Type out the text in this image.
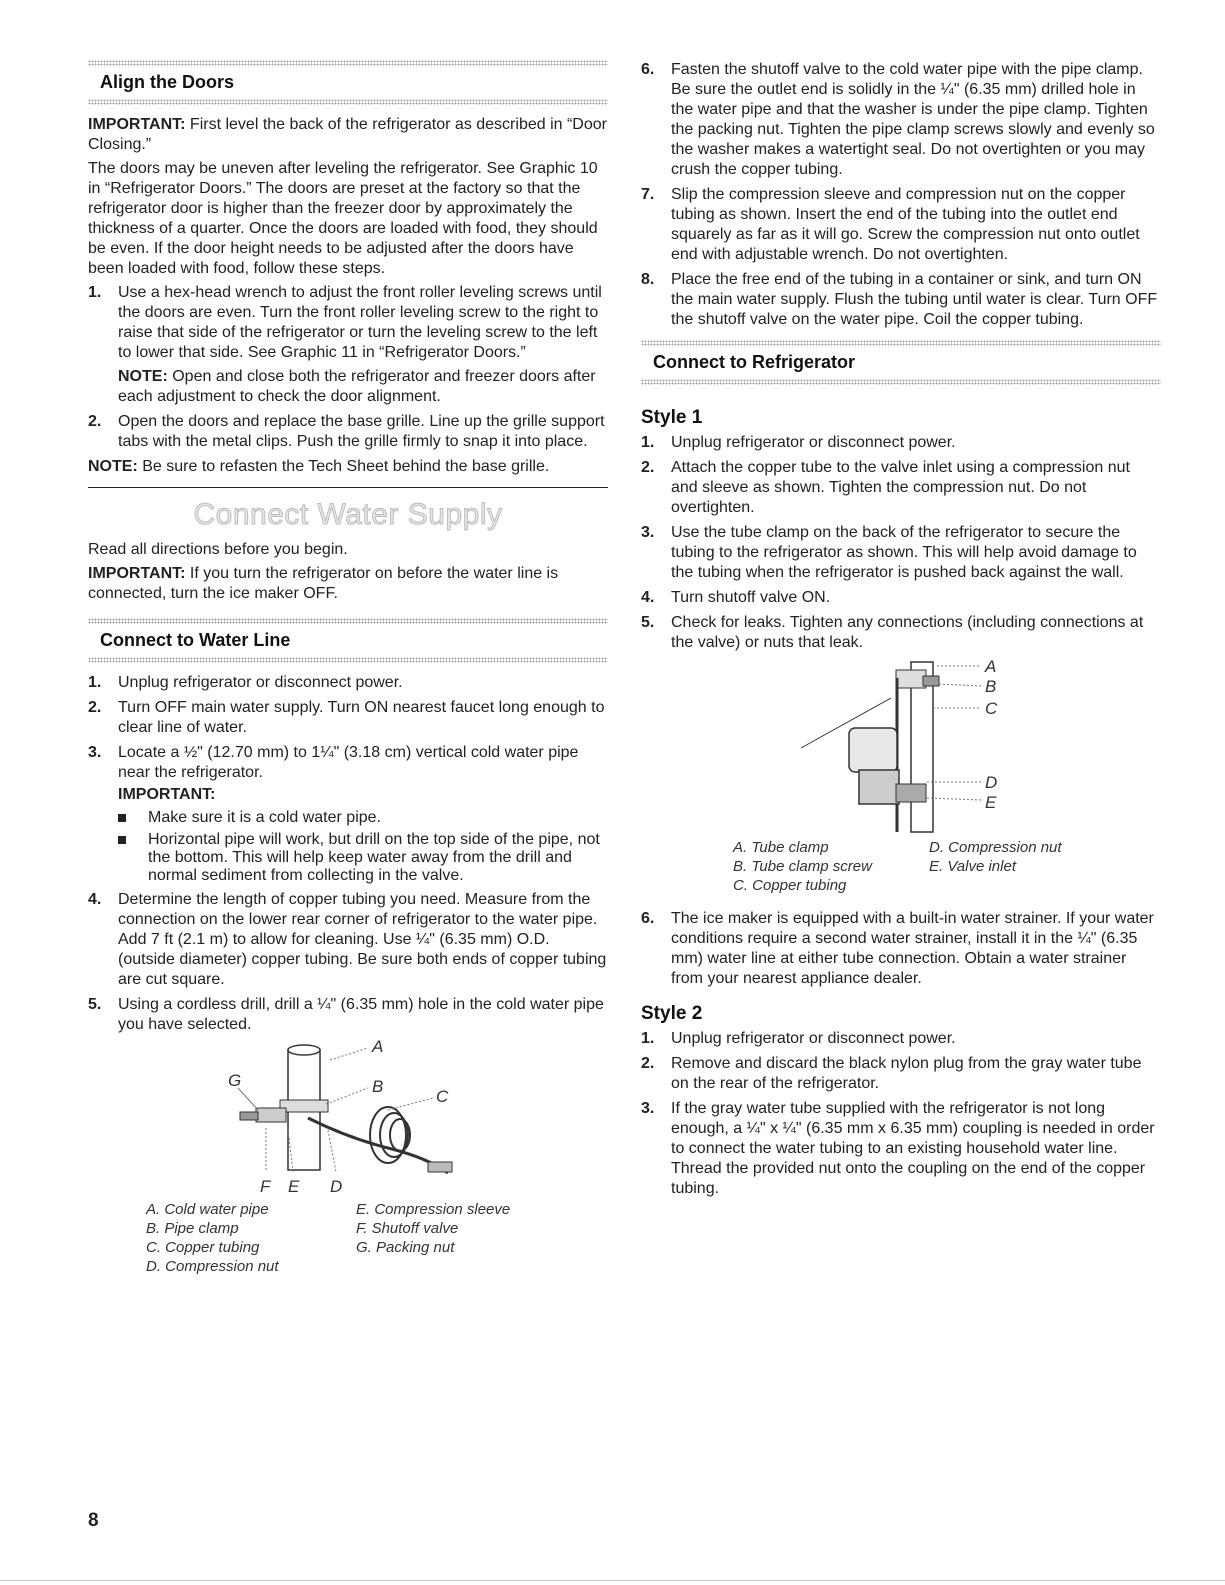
Align the Doors

IMPORTANT: First level the back of the refrigerator as described in “Door Closing.”

The doors may be uneven after leveling the refrigerator. See Graphic 10 in “Refrigerator Doors.” The doors are preset at the factory so that the refrigerator door is higher than the freezer door by approximately the thickness of a quarter. Once the doors are loaded with food, they should be even. If the door height needs to be adjusted after the doors have been loaded with food, follow these steps.

1. Use a hex-head wrench to adjust the front roller leveling screws until the doors are even. Turn the front roller leveling screw to the right to raise that side of the refrigerator or turn the leveling screw to the left to lower that side. See Graphic 11 in “Refrigerator Doors.”

NOTE: Open and close both the refrigerator and freezer doors after each adjustment to check the door alignment.

2. Open the doors and replace the base grille. Line up the grille support tabs with the metal clips. Push the grille firmly to snap it into place.

NOTE: Be sure to refasten the Tech Sheet behind the base grille.

Connect Water Supply

Read all directions before you begin.

IMPORTANT: If you turn the refrigerator on before the water line is connected, turn the ice maker OFF.

Connect to Water Line
1. Unplug refrigerator or disconnect power.
2. Turn OFF main water supply. Turn ON nearest faucet long enough to clear line of water.
3. Locate a ½" (12.70 mm) to 1¼" (3.18 cm) vertical cold water pipe near the refrigerator.
IMPORTANT:
Make sure it is a cold water pipe.
Horizontal pipe will work, but drill on the top side of the pipe, not the bottom. This will help keep water away from the drill and normal sediment from collecting in the valve.
4. Determine the length of copper tubing you need. Measure from the connection on the lower rear corner of refrigerator to the water pipe. Add 7 ft (2.1 m) to allow for cleaning. Use ¼" (6.35 mm) O.D. (outside diameter) copper tubing. Be sure both ends of copper tubing are cut square.
5. Using a cordless drill, drill a ¼" (6.35 mm) hole in the cold water pipe you have selected.
A
B
C
D
E
F
G
A. Cold water pipe	E. Compression sleeve
B. Pipe clamp	F. Shutoff valve
C. Copper tubing	G. Packing nut
D. Compression nut
6. Fasten the shutoff valve to the cold water pipe with the pipe clamp. Be sure the outlet end is solidly in the ¼" (6.35 mm) drilled hole in the water pipe and that the washer is under the pipe clamp. Tighten the packing nut. Tighten the pipe clamp screws slowly and evenly so the washer makes a watertight seal. Do not overtighten or you may crush the copper tubing.
7. Slip the compression sleeve and compression nut on the copper tubing as shown. Insert the end of the tubing into the outlet end squarely as far as it will go. Screw the compression nut onto outlet end with adjustable wrench. Do not overtighten.
8. Place the free end of the tubing in a container or sink, and turn ON the main water supply. Flush the tubing until water is clear. Turn OFF the shutoff valve on the water pipe. Coil the copper tubing.
Connect to Refrigerator
Style 1
1. Unplug refrigerator or disconnect power.
2. Attach the copper tube to the valve inlet using a compression nut and sleeve as shown. Tighten the compression nut. Do not overtighten.
3. Use the tube clamp on the back of the refrigerator to secure the tubing to the refrigerator as shown. This will help avoid damage to the tubing when the refrigerator is pushed back against the wall.
4. Turn shutoff valve ON.
5. Check for leaks. Tighten any connections (including connections at the valve) or nuts that leak.
A
B
C
D
E
A. Tube clamp	D. Compression nut
B. Tube clamp screw	E. Valve inlet
C. Copper tubing
6. The ice maker is equipped with a built-in water strainer. If your water conditions require a second water strainer, install it in the ¼" (6.35 mm) water line at either tube connection. Obtain a water strainer from your nearest appliance dealer.
Style 2
1. Unplug refrigerator or disconnect power.
2. Remove and discard the black nylon plug from the gray water tube on the rear of the refrigerator.
3. If the gray water tube supplied with the refrigerator is not long enough, a ¼" x ¼" (6.35 mm x 6.35 mm) coupling is needed in order to connect the water tubing to an existing household water line. Thread the provided nut onto the coupling on the end of the copper tubing.
8
